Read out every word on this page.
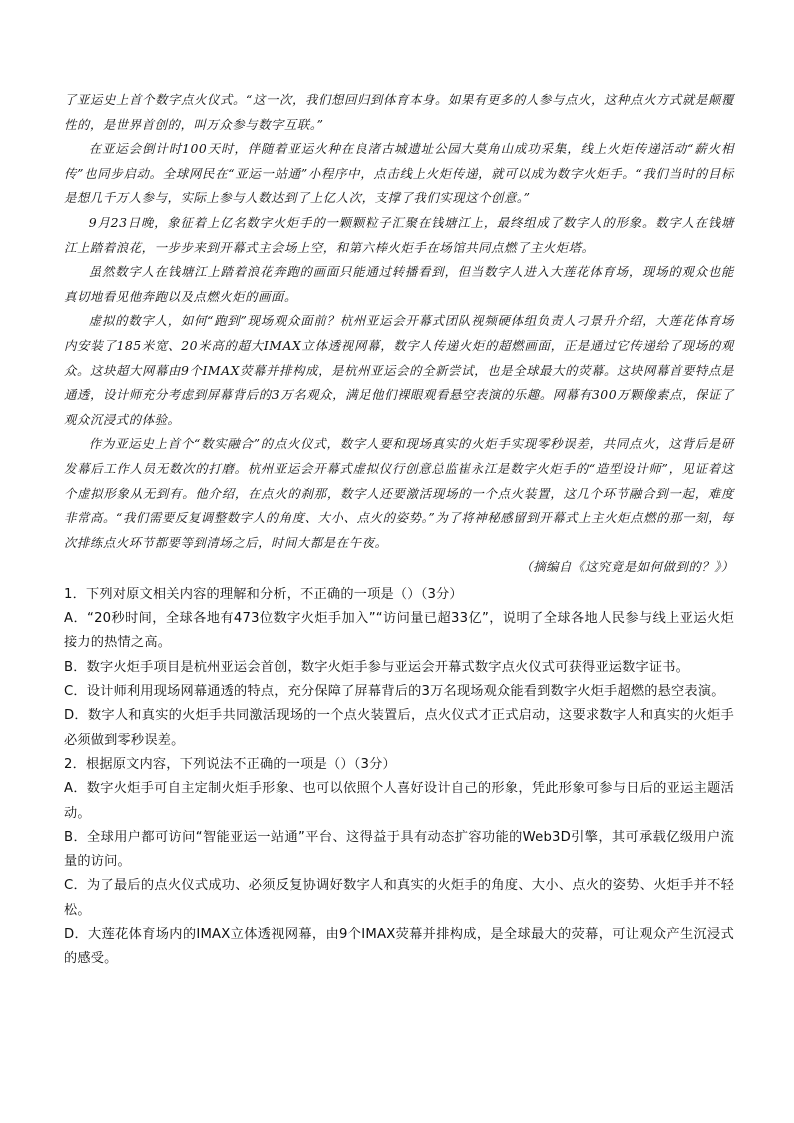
了亚运史上首个数字点火仪式。“这一次，我们想回归到体育本身。如果有更多的人参与点火，这种点火方式就是颠覆性的，是世界首创的，叫万众参与数字互联。”

在亚运会倒计时100天时，伴随着亚运火种在良渚古城遗址公园大莫角山成功采集，线上火炬传递活动“薪火相传”也同步启动。全球网民在“亚运一站通”小程序中，点击线上火炬传递，就可以成为数字火炬手。“我们当时的目标是想几千万人参与，实际上参与人数达到了上亿人次，支撑了我们实现这个创意。”

9月23日晚，象征着上亿名数字火炬手的一颗颗粒子汇聚在钱塘江上，最终组成了数字人的形象。数字人在钱塘江上踏着浪花，一步步来到开幕式主会场上空，和第六棒火炬手在场馆共同点燃了主火炬塔。

虽然数字人在钱塘江上踏着浪花奔跑的画面只能通过转播看到，但当数字人进入大莲花体育场，现场的观众也能真切地看见他奔跑以及点燃火炬的画面。

虚拟的数字人，如何“跑到”现场观众面前？杭州亚运会开幕式团队视频硬体组负责人刁景升介绍，大莲花体育场内安装了185米宽、20米高的超大IMAX立体透视网幕，数字人传递火炬的超燃画面，正是通过它传递给了现场的观众。这块超大网幕由9个IMAX荧幕并排构成，是杭州亚运会的全新尝试，也是全球最大的荧幕。这块网幕首要特点是通透，设计师充分考虑到屏幕背后的3万名观众，满足他们裸眼观看悬空表演的乐趣。网幕有300万颗像素点，保证了观众沉浸式的体验。

作为亚运史上首个“数实融合”的点火仪式，数字人要和现场真实的火炬手实现零秒误差，共同点火，这背后是研发幕后工作人员无数次的打磨。杭州亚运会开幕式虚拟仪行创意总监崔永江是数字火炬手的“造型设计师”，见证着这个虚拟形象从无到有。他介绍，在点火的刹那，数字人还要激活现场的一个点火装置，这几个环节融合到一起，难度非常高。“我们需要反复调整数字人的角度、大小、点火的姿势。”为了将神秘感留到开幕式上主火炬点燃的那一刻，每次排练点火环节都要等到清场之后，时间大都是在午夜。

（摘编自《这究竟是如何做到的？》）

1．下列对原文相关内容的理解和分析，不正确的一项是（）（3分）

A．“20秒时间，全球各地有473位数字火炬手加入”“访问量已超33亿”，说明了全球各地人民参与线上亚运火炬接力的热情之高。

B．数字火炬手项目是杭州亚运会首创，数字火炬手参与亚运会开幕式数字点火仪式可获得亚运数字证书。

C．设计师利用现场网幕通透的特点，充分保障了屏幕背后的3万名现场观众能看到数字火炬手超燃的悬空表演。

D．数字人和真实的火炬手共同激活现场的一个点火装置后，点火仪式才正式启动，这要求数字人和真实的火炬手必须做到零秒误差。

2．根据原文内容，下列说法不正确的一项是（）（3分）

A．数字火炬手可自主定制火炬手形象、也可以依照个人喜好设计自己的形象，凭此形象可参与日后的亚运主题活动。

B．全球用户都可访问“智能亚运一站通”平台、这得益于具有动态扩容功能的Web3D引擎，其可承载亿级用户流量的访问。

C．为了最后的点火仪式成功、必须反复协调好数字人和真实的火炬手的角度、大小、点火的姿势、火炬手并不轻松。

D．大莲花体育场内的IMAX立体透视网幕，由9个IMAX荧幕并排构成，是全球最大的荧幕，可让观众产生沉浸式的感受。
